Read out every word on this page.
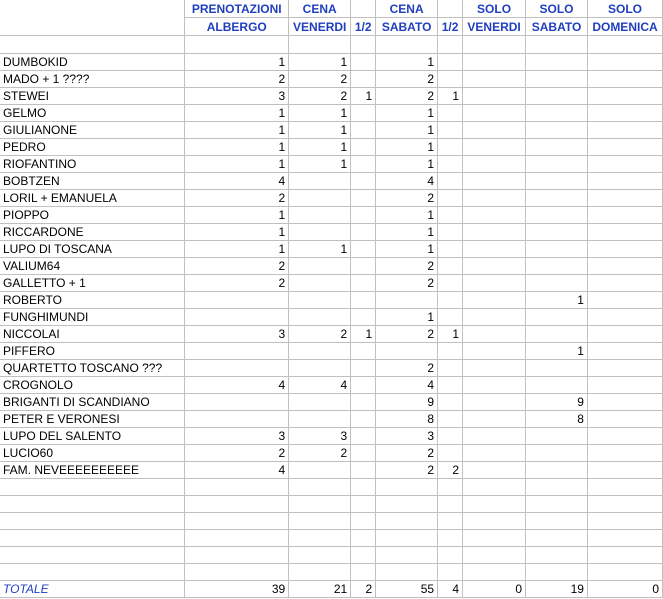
	PRENOTAZIONI	CENA		CENA		SOLO	SOLO	SOLO
	ALBERGO	VENERDI	1/2	SABATO	1/2	VENERDI	SABATO	DOMENICA

DUMBOKID	1	1		1				
MADO + 1 ????	2	2		2				
STEWEI	3	2	1	2	1			
GELMO	1	1		1				
GIULIANONE	1	1		1				
PEDRO	1	1		1				
RIOFANTINO	1	1		1				
BOBTZEN	4			4				
LORIL + EMANUELA	2			2				
PIOPPO	1			1				
RICCARDONE	1			1				
LUPO DI TOSCANA	1	1		1				
VALIUM64	2			2				
GALLETTO + 1	2			2				
ROBERTO							1	
FUNGHIMUNDI				1				
NICCOLAI	3	2	1	2	1			
PIFFERO							1	
QUARTETTO TOSCANO ???				2				
CROGNOLO	4	4		4				
BRIGANTI DI SCANDIANO				9			9	
PETER E VERONESI				8			8	
LUPO DEL SALENTO	3	3		3				
LUCIO60	2	2		2				
FAM. NEVEEEEEEEEEE	4			2	2			

TOTALE	39	21	2	55	4	0	19	0
